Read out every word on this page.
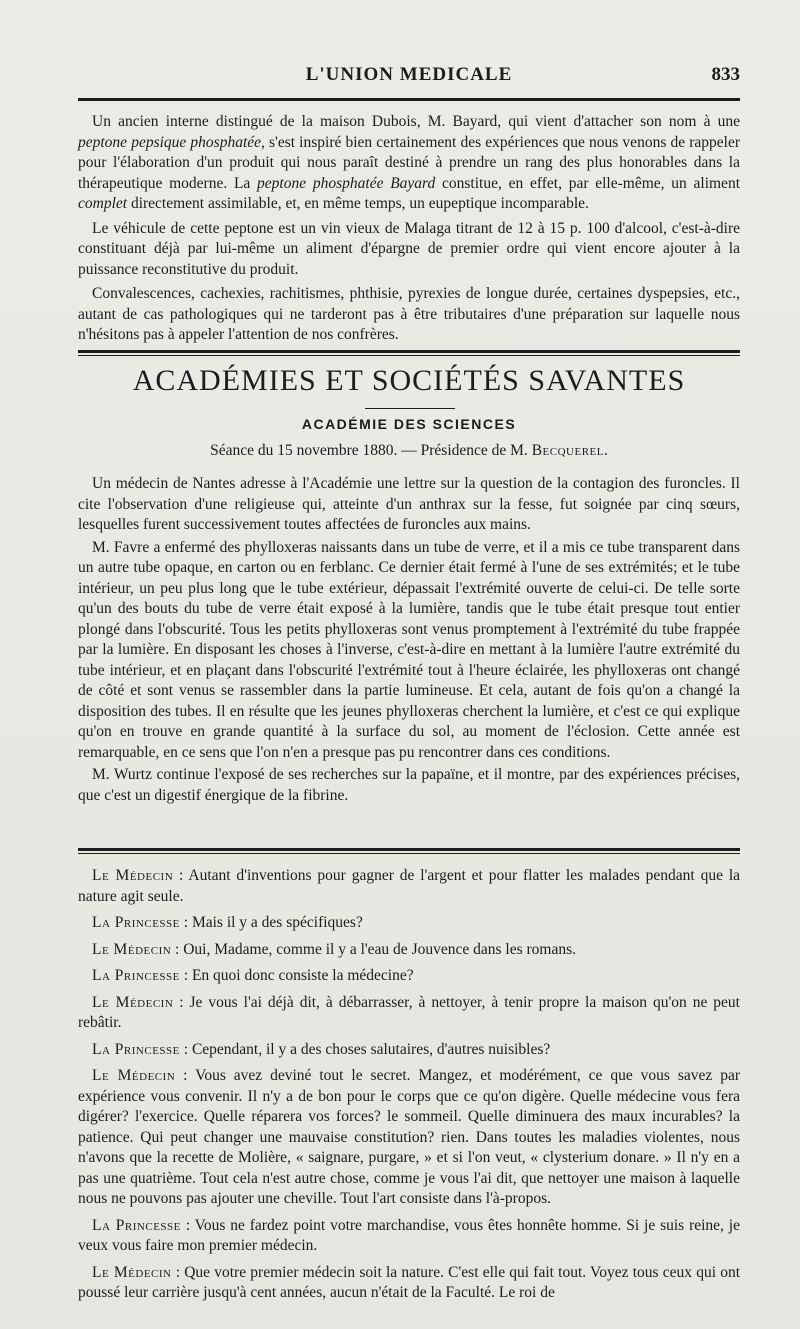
L'UNION MEDICALE	833

Un ancien interne distingué de la maison Dubois, M. Bayard, qui vient d'attacher son nom à une peptone pepsique phosphatée, s'est inspiré bien certainement des expériences que nous venons de rappeler pour l'élaboration d'un produit qui nous paraît destiné à prendre un rang des plus honorables dans la thérapeutique moderne. La peptone phosphatée Bayard constitue, en effet, par elle-même, un aliment complet directement assimilable, et, en même temps, un eupeptique incomparable.

Le véhicule de cette peptone est un vin vieux de Malaga titrant de 12 à 15 p. 100 d'alcool, c'est-à-dire constituant déjà par lui-même un aliment d'épargne de premier ordre qui vient encore ajouter à la puissance reconstitutive du produit.

Convalescences, cachexies, rachitismes, phthisie, pyrexies de longue durée, certaines dyspepsies, etc., autant de cas pathologiques qui ne tarderont pas à être tributaires d'une préparation sur laquelle nous n'hésitons pas à appeler l'attention de nos confrères.

ACADÉMIES ET SOCIÉTÉS SAVANTES
ACADÉMIE DES SCIENCES
Séance du 15 novembre 1880. — Présidence de M. Becquerel.

Un médecin de Nantes adresse à l'Académie une lettre sur la question de la contagion des furoncles. Il cite l'observation d'une religieuse qui, atteinte d'un anthrax sur la fesse, fut soignée par cinq sœurs, lesquelles furent successivement toutes affectées de furoncles aux mains.

M. Favre a enfermé des phylloxeras naissants dans un tube de verre, et il a mis ce tube transparent dans un autre tube opaque, en carton ou en ferblanc. Ce dernier était fermé à l'une de ses extrémités; et le tube intérieur, un peu plus long que le tube extérieur, dépassait l'extrémité ouverte de celui-ci. De telle sorte qu'un des bouts du tube de verre était exposé à la lumière, tandis que le tube était presque tout entier plongé dans l'obscurité. Tous les petits phylloxeras sont venus promptement à l'extrémité du tube frappée par la lumière. En disposant les choses à l'inverse, c'est-à-dire en mettant à la lumière l'autre extrémité du tube intérieur, et en plaçant dans l'obscurité l'extrémité tout à l'heure éclairée, les phylloxeras ont changé de côté et sont venus se rassembler dans la partie lumineuse. Et cela, autant de fois qu'on a changé la disposition des tubes. Il en résulte que les jeunes phylloxeras cherchent la lumière, et c'est ce qui explique qu'on en trouve en grande quantité à la surface du sol, au moment de l'éclosion. Cette année est remarquable, en ce sens que l'on n'en a presque pas pu rencontrer dans ces conditions.

M. Wurtz continue l'exposé de ses recherches sur la papaïne, et il montre, par des expériences précises, que c'est un digestif énergique de la fibrine.

Le Médecin : Autant d'inventions pour gagner de l'argent et pour flatter les malades pendant que la nature agit seule.

La Princesse : Mais il y a des spécifiques?

Le Médecin : Oui, Madame, comme il y a l'eau de Jouvence dans les romans.

La Princesse : En quoi donc consiste la médecine?

Le Médecin : Je vous l'ai déjà dit, à débarrasser, à nettoyer, à tenir propre la maison qu'on ne peut rebâtir.

La Princesse : Cependant, il y a des choses salutaires, d'autres nuisibles?

Le Médecin : Vous avez deviné tout le secret. Mangez, et modérément, ce que vous savez par expérience vous convenir. Il n'y a de bon pour le corps que ce qu'on digère. Quelle médecine vous fera digérer? l'exercice. Quelle réparera vos forces? le sommeil. Quelle diminuera des maux incurables? la patience. Qui peut changer une mauvaise constitution? rien. Dans toutes les maladies violentes, nous n'avons que la recette de Molière, « saignare, purgare, » et si l'on veut, « clysterium donare. » Il n'y en a pas une quatrième. Tout cela n'est autre chose, comme je vous l'ai dit, que nettoyer une maison à laquelle nous ne pouvons pas ajouter une cheville. Tout l'art consiste dans l'à-propos.

La Princesse : Vous ne fardez point votre marchandise, vous êtes honnête homme. Si je suis reine, je veux vous faire mon premier médecin.

Le Médecin : Que votre premier médecin soit la nature. C'est elle qui fait tout. Voyez tous ceux qui ont poussé leur carrière jusqu'à cent années, aucun n'était de la Faculté. Le roi de
